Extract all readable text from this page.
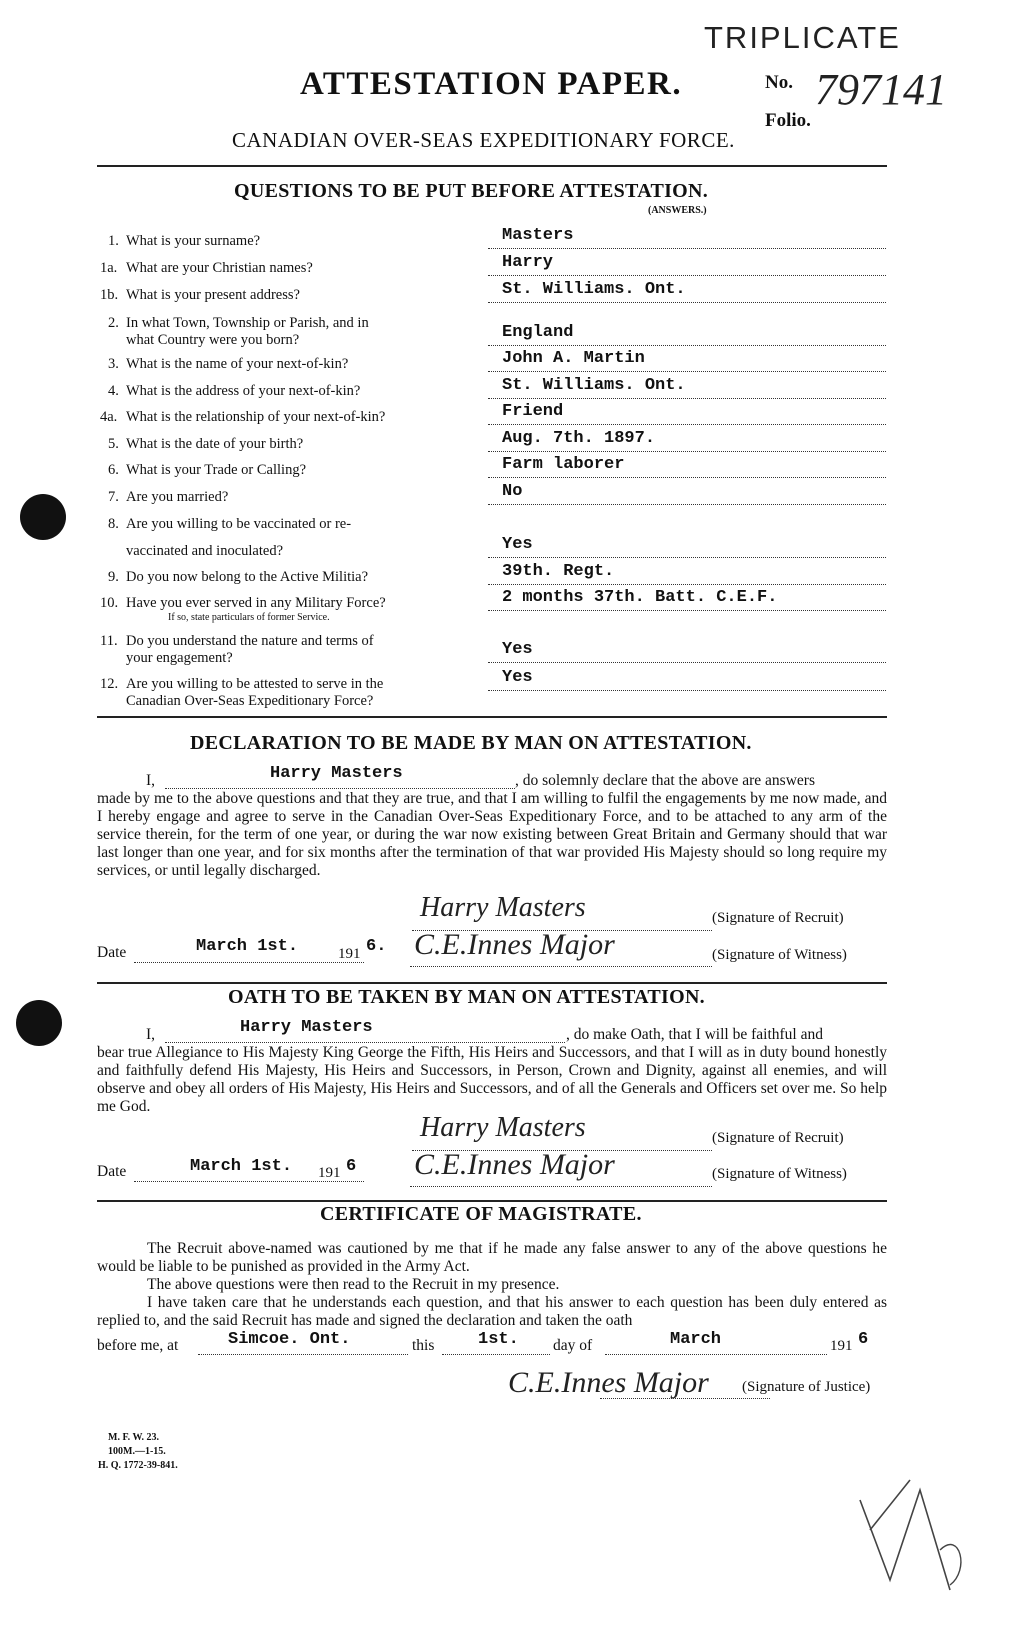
TRIPLICATE
ATTESTATION PAPER.
CANADIAN OVER-SEAS EXPEDITIONARY FORCE.
No. 797141
Folio.
QUESTIONS TO BE PUT BEFORE ATTESTATION.
(ANSWERS.)
1. What is your surname?	Masters
1a. What are your Christian names?	Harry
1b. What is your present address?	St. Williams. Ont.
2. In what Town, Township or Parish, and in
what Country were you born?	England
3. What is the name of your next-of-kin?	John A. Martin
4. What is the address of your next-of-kin?	St. Williams. Ont.
4a. What is the relationship of your next-of-kin?	Friend
5. What is the date of your birth?	Aug. 7th. 1897.
6. What is your Trade or Calling?	Farm laborer
7. Are you married?	No
8. Are you willing to be vaccinated or re-
vaccinated and inoculated?	Yes
9. Do you now belong to the Active Militia?	39th. Regt.
10. Have you ever served in any Military Force?
If so, state particulars of former Service.
2 months 37th. Batt. C.E.F.
11. Do you understand the nature and terms of
your engagement?	Yes
12. Are you willing to be attested to serve in the
Canadian Over-Seas Expeditionary Force?
Yes
DECLARATION TO BE MADE BY MAN ON ATTESTATION.
I,	Harry Masters	, do solemnly declare that the above are answers
made by me to the above questions and that they are true, and that I am willing to fulfil the engagements by me now made, and I hereby engage and agree to serve in the Canadian Over-Seas Expeditionary Force, and to be attached to any arm of the service therein, for the term of one year, or during the war now existing between Great Britain and Germany should that war last longer than one year, and for six months after the termination of that war provided His Majesty should so long require my services, or until legally discharged.
Harry Masters	(Signature of Recruit)
Date	March 1st.	191 6. C.E.Innes Major	(Signature of Witness)
OATH TO BE TAKEN BY MAN ON ATTESTATION.
I,	Harry Masters	, do make Oath, that I will be faithful and
bear true Allegiance to His Majesty King George the Fifth, His Heirs and Successors, and that I will as in duty bound honestly and faithfully defend His Majesty, His Heirs and Successors, in Person, Crown and Dignity, against all enemies, and will observe and obey all orders of His Majesty, His Heirs and Successors, and of all the Generals and Officers set over me. So help me God.
Harry Masters	(Signature of Recruit)
Date	March 1st. 191 6 C.E.Innes Major	(Signature of Witness)
CERTIFICATE OF MAGISTRATE.
The Recruit above-named was cautioned by me that if he made any false answer to any of the above questions he would be liable to be punished as provided in the Army Act.
The above questions were then read to the Recruit in my presence.
I have taken care that he understands each question, and that his answer to each question has been duly entered as replied to, and the said Recruit has made and signed the declaration and taken the oath
before me, at	Simcoe. Ont.	this	1st. day of	March	191 6
C.E.Innes Major (Signature of Justice)
M. F. W. 23.
100M.—1-15.
H. Q. 1772-39-841.
